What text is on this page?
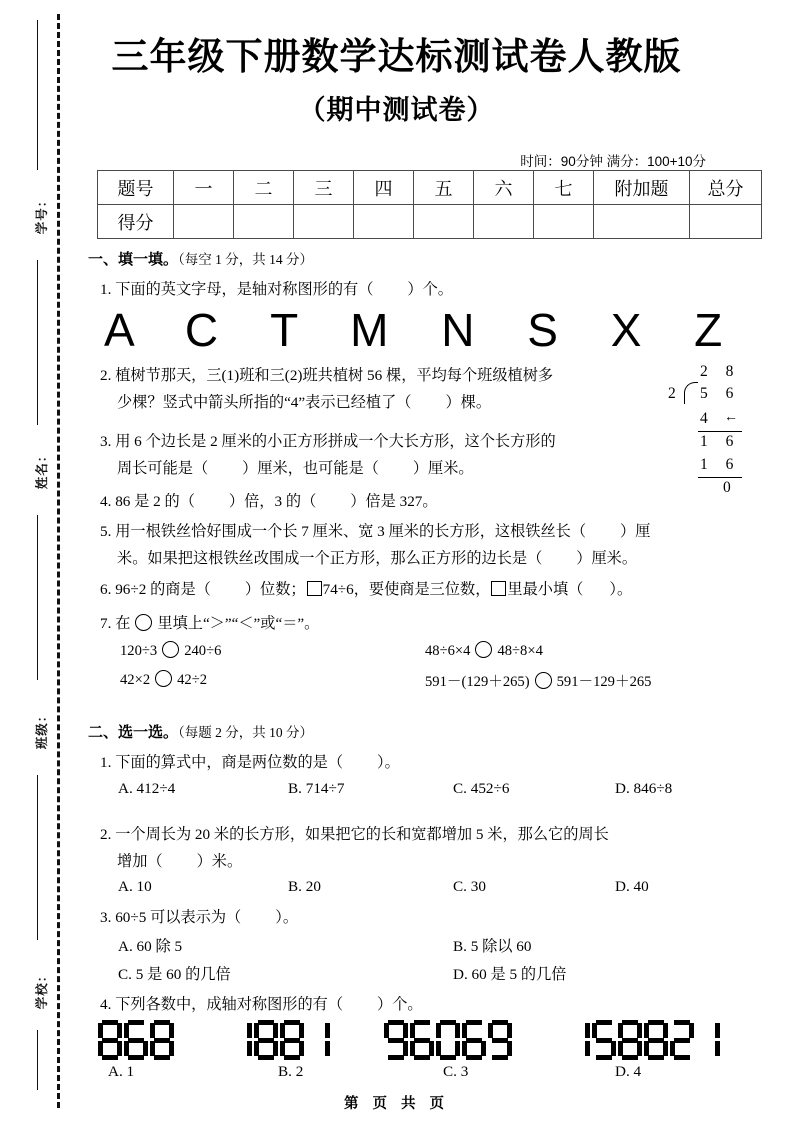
学号：
姓名：
班级：
学校：
三年级下册数学达标测试卷人教版
（期中测试卷）
时间：90分钟 满分：100+10分
题号	一	二	三	四	五	六	七	附加题	总分
得分									
一、填一填。（每空 1 分，共 14 分）
1. 下面的英文字母，是轴对称图形的有（ ）个。
A C T M N S X Z
2. 植树节那天，三(1)班和三(2)班共植树 56 棵，平均每个班级植树多
少棵？竖式中箭头所指的“4”表示已经植了（ ）棵。
3. 用 6 个边长是 2 厘米的小正方形拼成一个大长方形，这个长方形的
周长可能是（ ）厘米，也可能是（ ）厘米。
4. 86 是 2 的（ ）倍，3 的（ ）倍是 327。
5. 用一根铁丝恰好围成一个长 7 厘米、宽 3 厘米的长方形，这根铁丝长（ ）厘
米。如果把这根铁丝改围成一个正方形，那么正方形的边长是（ ）厘米。
6. 96÷2 的商是（ ）位数； 74÷6，要使商是三位数， 里最小填（ ）。
7. 在 里填上“＞”“＜”或“＝”。
120÷3 240÷6	48÷6×4 48÷8×4
42×2 42÷2	591－(129＋265) 591－129＋265
2 8
2 5 6
4 ←
1 6
1 6
0
二、选一选。（每题 2 分，共 10 分）
1. 下面的算式中，商是两位数的是（ ）。
A. 412÷4	B. 714÷7	C. 452÷6	D. 846÷8
2. 一个周长为 20 米的长方形，如果把它的长和宽都增加 5 米，那么它的周长
增加（ ）米。
A. 10	B. 20	C. 30	D. 40
3. 60÷5 可以表示为（ ）。
A. 60 除 5	B. 5 除以 60
C. 5 是 60 的几倍	D. 60 是 5 的几倍
4. 下列各数中，成轴对称图形的有（ ）个。
A. 1	B. 2	C. 3	D. 4
第 页 共 页
